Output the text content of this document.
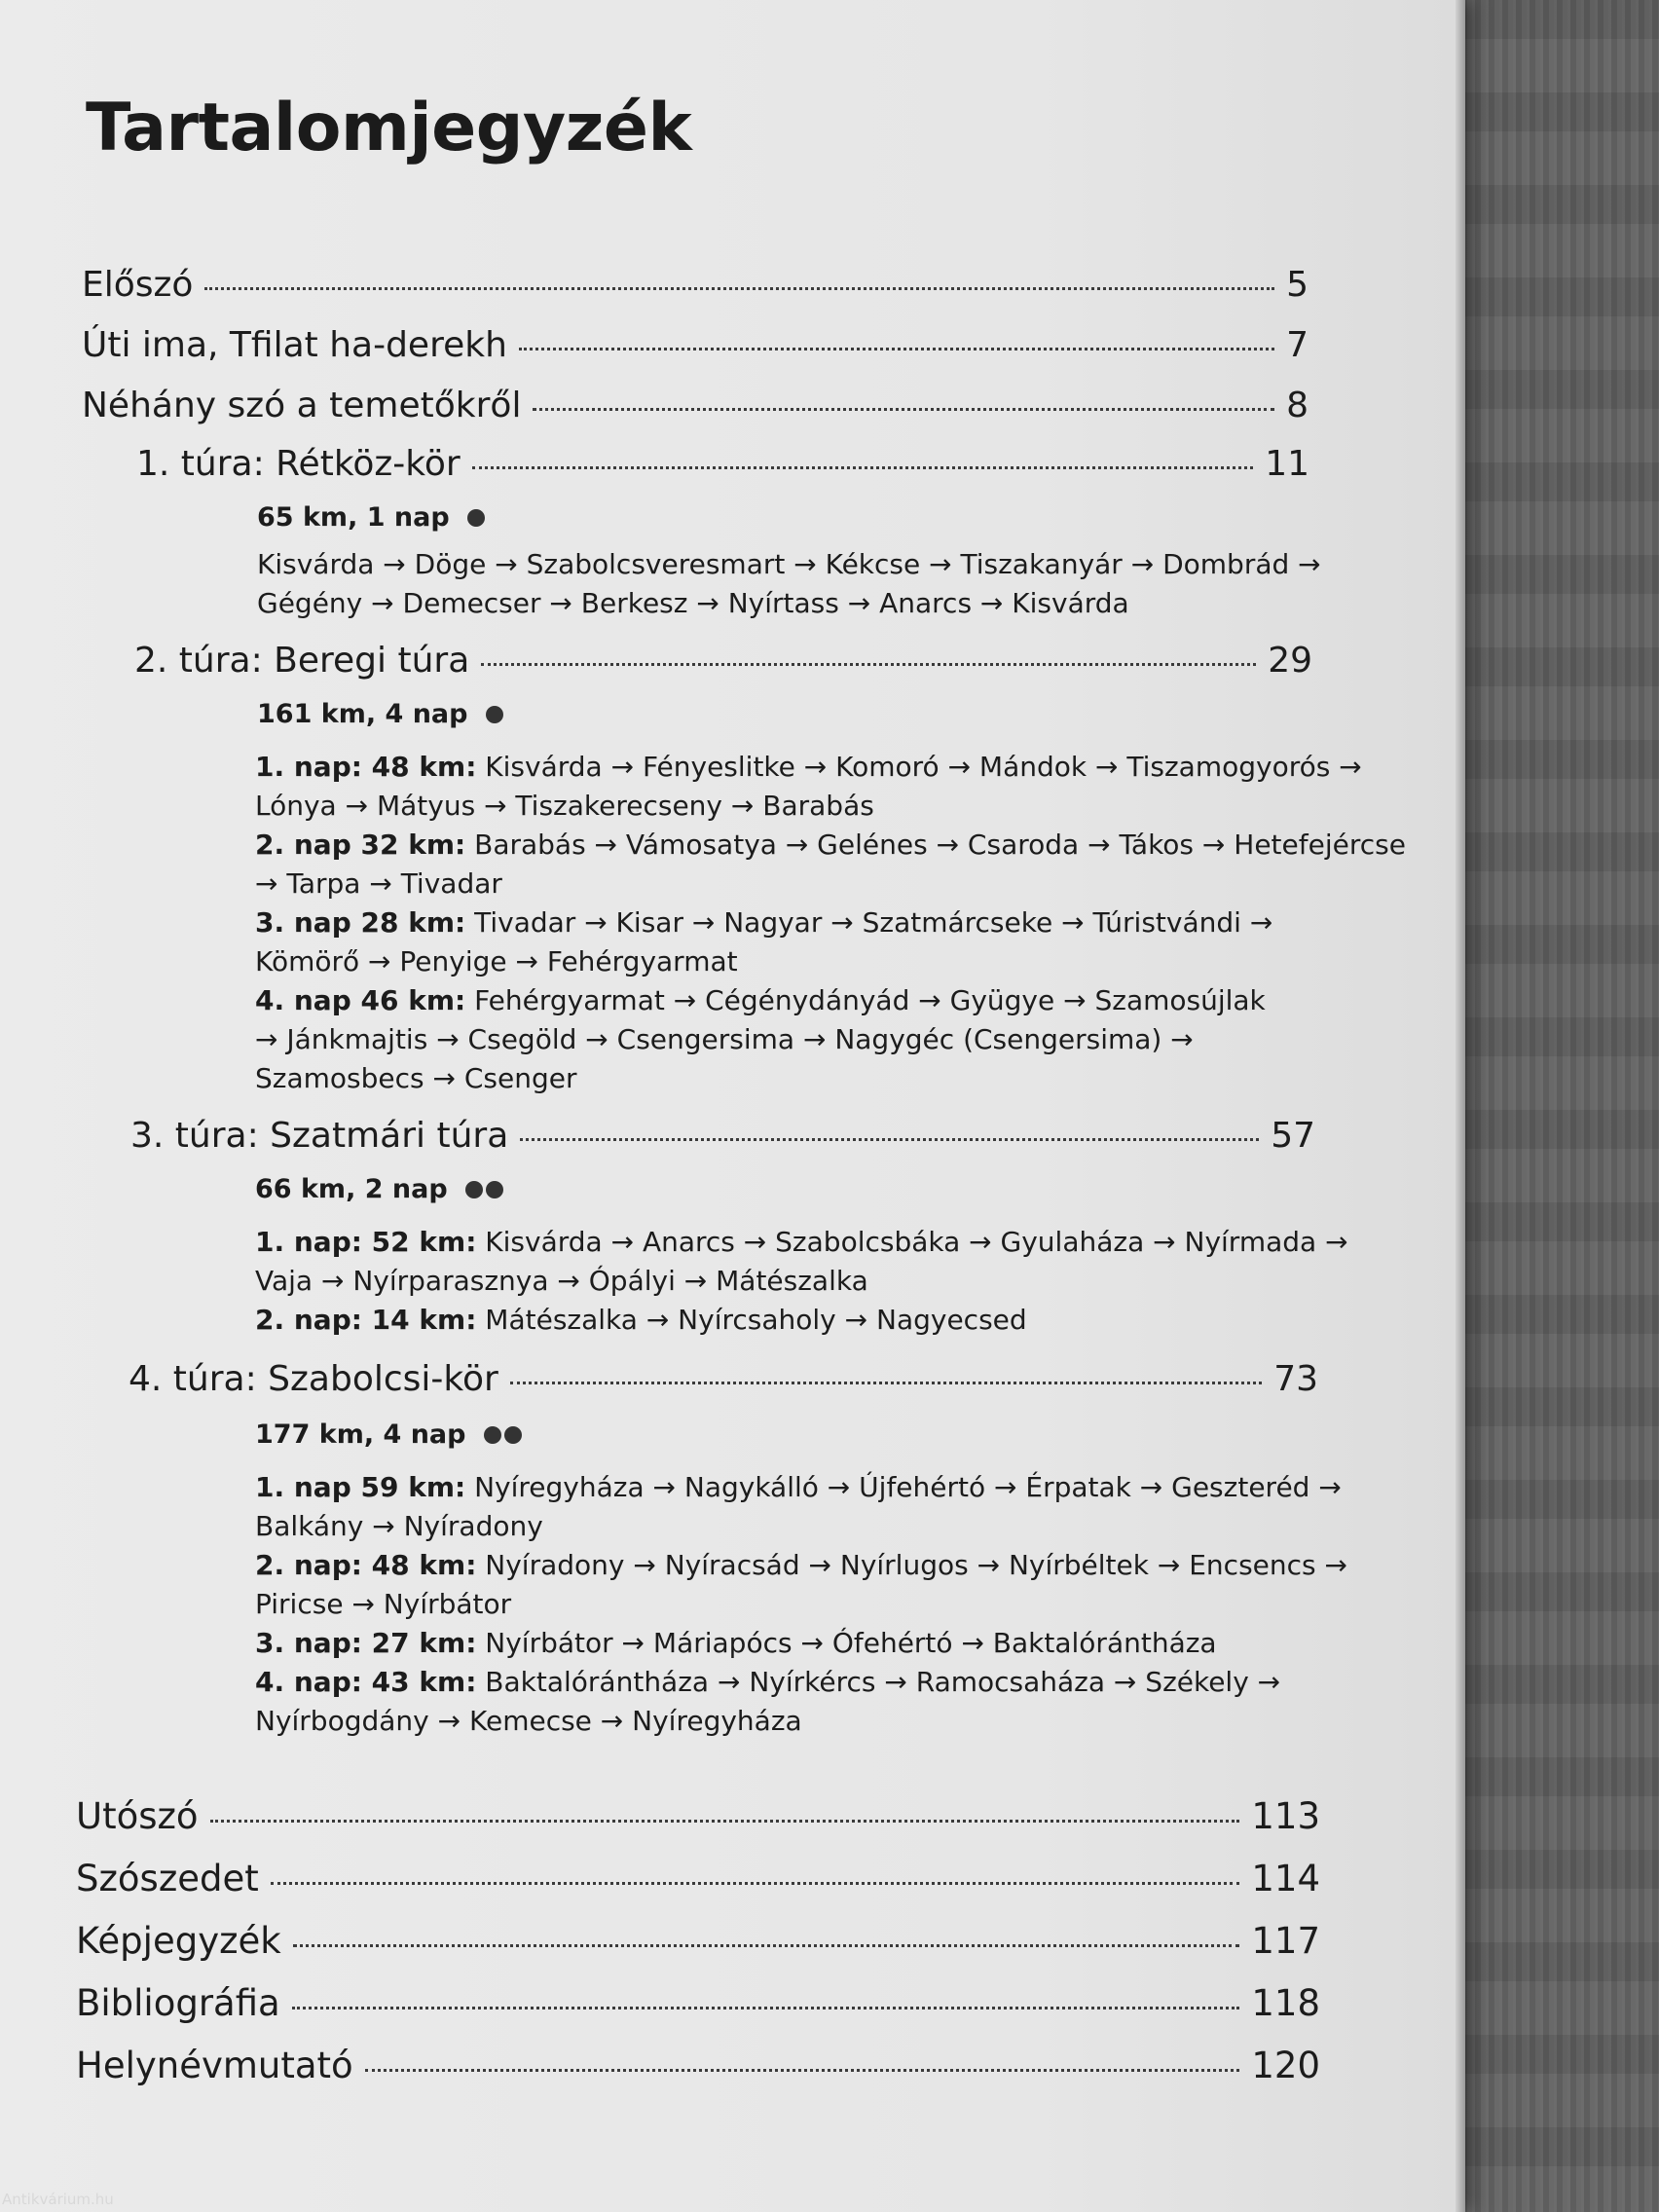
Tartalomjegyzék
Előszó	5
Úti ima, Tfilat ha-derekh	7
Néhány szó a temetőkről	8
1. túra: Rétköz-kör	11
65 km, 1 nap
Kisvárda → Döge → Szabolcsveresmart → Kékcse → Tiszakanyár → Dombrád →
Gégény → Demecser → Berkesz → Nyírtass → Anarcs → Kisvárda
2. túra: Beregi túra	29
161 km, 4 nap
1. nap: 48 km: Kisvárda → Fényeslitke → Komoró → Mándok → Tiszamogyorós →
Lónya → Mátyus → Tiszakerecseny → Barabás
2. nap 32 km: Barabás → Vámosatya → Gelénes → Csaroda → Tákos → Hetefejércse
→ Tarpa → Tivadar
3. nap 28 km: Tivadar → Kisar → Nagyar → Szatmárcseke → Túristvándi →
Kömörő → Penyige → Fehérgyarmat
4. nap 46 km: Fehérgyarmat → Cégénydányád → Gyügye → Szamosújlak
→ Jánkmajtis → Csegöld → Csengersima → Nagygéc (Csengersima) →
Szamosbecs → Csenger
3. túra: Szatmári túra	57
66 km, 2 nap
1. nap: 52 km: Kisvárda → Anarcs → Szabolcsbáka → Gyulaháza → Nyírmada →
Vaja → Nyírparasznya → Ópályi → Mátészalka
2. nap: 14 km: Mátészalka → Nyírcsaholy → Nagyecsed
4. túra: Szabolcsi-kör	73
177 km, 4 nap
1. nap 59 km: Nyíregyháza → Nagykálló → Újfehértó → Érpatak → Geszteréd →
Balkány → Nyíradony
2. nap: 48 km: Nyíradony → Nyíracsád → Nyírlugos → Nyírbéltek → Encsencs →
Piricse → Nyírbátor
3. nap: 27 km: Nyírbátor → Máriapócs → Ófehértó → Baktalórántháza
4. nap: 43 km: Baktalórántháza → Nyírkércs → Ramocsaháza → Székely →
Nyírbogdány → Kemecse → Nyíregyháza
Utószó	113
Szószedet	114
Képjegyzék	117
Bibliográfia	118
Helynévmutató	120
Antikvárium.hu
